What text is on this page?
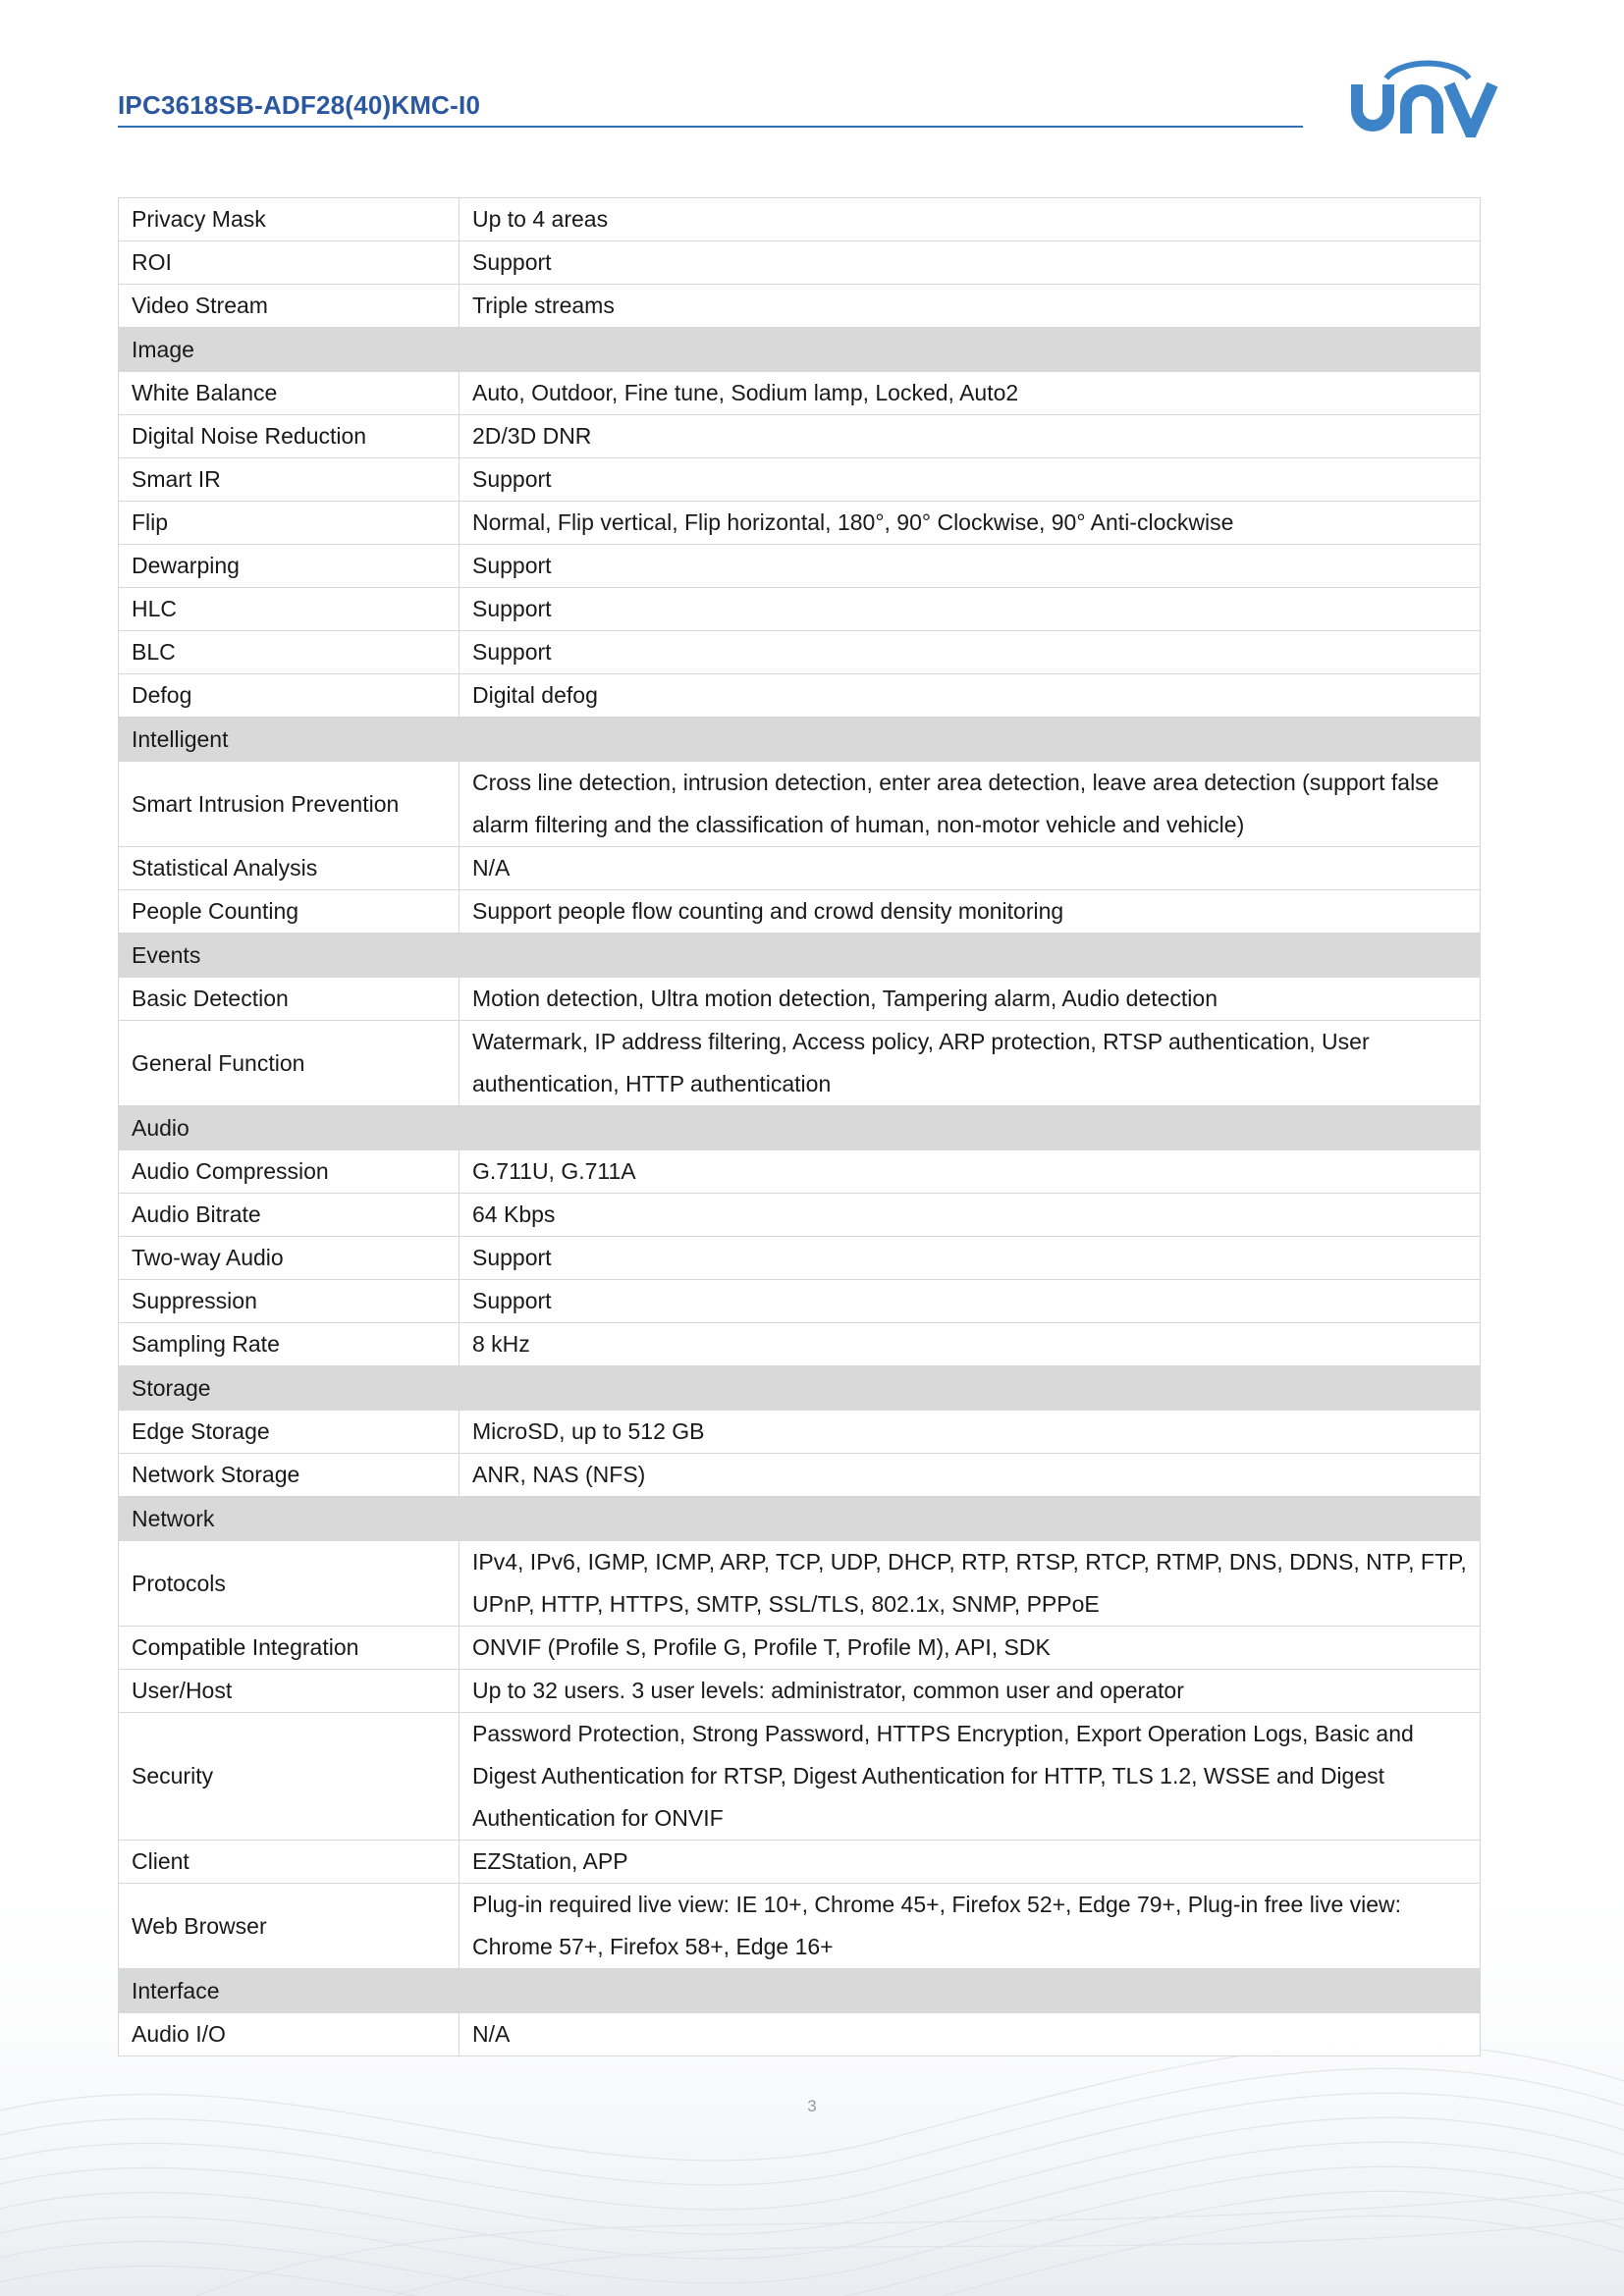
IPC3618SB-ADF28(40)KMC-I0
Privacy Mask	Up to 4 areas
ROI	Support
Video Stream	Triple streams
Image	
White Balance	Auto, Outdoor, Fine tune, Sodium lamp, Locked, Auto2
Digital Noise Reduction	2D/3D DNR
Smart IR	Support
Flip	Normal, Flip vertical, Flip horizontal, 180°, 90° Clockwise, 90° Anti-clockwise
Dewarping	Support
HLC	Support
BLC	Support
Defog	Digital defog
Intelligent	
Smart Intrusion Prevention	Cross line detection, intrusion detection, enter area detection, leave area detection (support false alarm filtering and the classification of human, non-motor vehicle and vehicle)
Statistical Analysis	N/A
People Counting	Support people flow counting and crowd density monitoring
Events	
Basic Detection	Motion detection, Ultra motion detection, Tampering alarm, Audio detection
General Function	Watermark, IP address filtering, Access policy, ARP protection, RTSP authentication, User authentication, HTTP authentication
Audio	
Audio Compression	G.711U, G.711A
Audio Bitrate	64 Kbps
Two-way Audio	Support
Suppression	Support
Sampling Rate	8 kHz
Storage	
Edge Storage	MicroSD, up to 512 GB
Network Storage	ANR, NAS (NFS)
Network	
Protocols	IPv4, IPv6, IGMP, ICMP, ARP, TCP, UDP, DHCP, RTP, RTSP, RTCP, RTMP, DNS, DDNS, NTP, FTP, UPnP, HTTP, HTTPS, SMTP, SSL/TLS, 802.1x, SNMP, PPPoE
Compatible Integration	ONVIF (Profile S, Profile G, Profile T, Profile M), API, SDK
User/Host	Up to 32 users. 3 user levels: administrator, common user and operator
Security	Password Protection, Strong Password, HTTPS Encryption, Export Operation Logs, Basic and Digest Authentication for RTSP, Digest Authentication for HTTP, TLS 1.2, WSSE and Digest Authentication for ONVIF
Client	EZStation, APP
Web Browser	Plug-in required live view: IE 10+, Chrome 45+, Firefox 52+, Edge 79+, Plug-in free live view: Chrome 57+, Firefox 58+, Edge 16+
Interface	
Audio I/O	N/A
3
